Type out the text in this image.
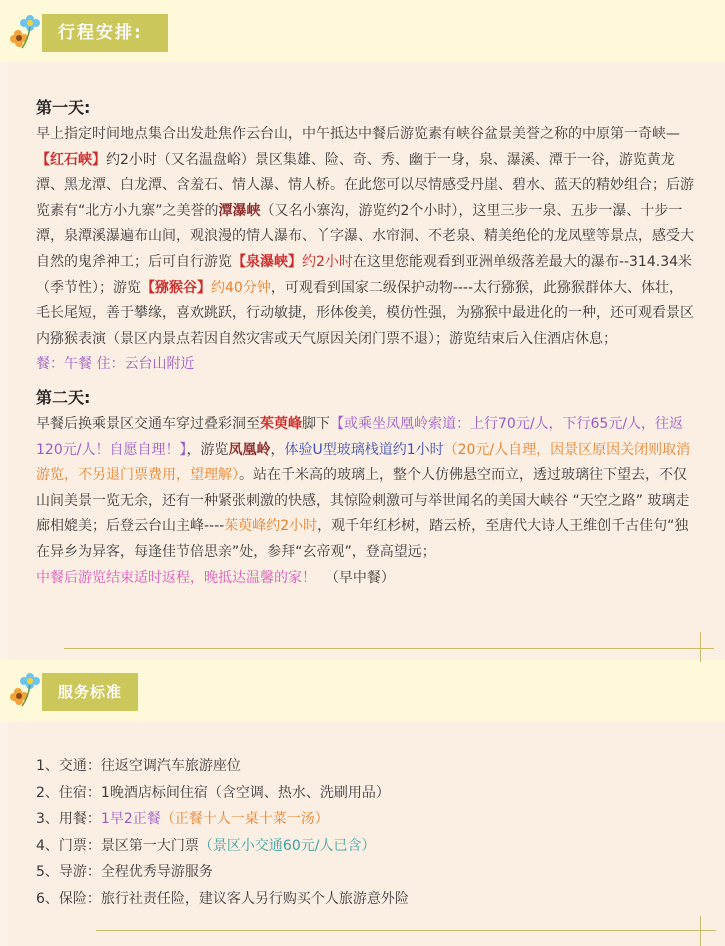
行程安排:
服务标准

第一天:

早上指定时间地点集合出发赴焦作云台山，中午抵达中餐后游览素有峡谷盆景美誉之称的中原第一奇峡—【红石峡】约2小时（又名温盘峪）景区集雄、险、奇、秀、幽于一身，泉、瀑溪、潭于一谷，游览黄龙潭、黑龙潭、白龙潭、含羞石、情人瀑、情人桥。在此您可以尽情感受丹崖、碧水、蓝天的精妙组合；后游览素有“北方小九寨”之美誉的潭瀑峡（又名小寨沟，游览约2个小时），这里三步一泉、五步一瀑、十步一潭，泉潭溪瀑遍布山间，观浪漫的情人瀑布、丫字瀑、水帘洞、不老泉、精美绝伦的龙凤壁等景点，感受大自然的鬼斧神工；后可自行游览【泉瀑峡】约2小时在这里您能观看到亚洲单级落差最大的瀑布--314.34米（季节性）；游览【猕猴谷】约40分钟，可观看到国家二级保护动物----太行猕猴，此猕猴群体大、体壮，毛长尾短，善于攀缘，喜欢跳跃，行动敏捷，形体俊美，模仿性强，为猕猴中最进化的一种，还可观看景区内猕猴表演（景区内景点若因自然灾害或天气原因关闭门票不退）；游览结束后入住酒店休息；

餐：午餐 住：云台山附近

第二天:

早餐后换乘景区交通车穿过叠彩洞至茱萸峰脚下【或乘坐凤凰岭索道：上行70元/人，下行65元/人，往返120元/人！自愿自理！】，游览凤凰岭，体验U型玻璃栈道约1小时（20元/人自理，因景区原因关闭则取消游览，不另退门票费用，望理解）。站在千米高的玻璃上，整个人仿佛悬空而立，透过玻璃往下望去，不仅山间美景一览无余，还有一种紧张刺激的快感，其惊险刺激可与举世闻名的美国大峡谷 “天空之路” 玻璃走廊相媲美；后登云台山主峰----茱萸峰约2小时，观千年红杉树，踏云桥，至唐代大诗人王维创千古佳句“独在异乡为异客，每逢佳节倍思亲”处，参拜“玄帝观”，登高望远；

中餐后游览结束适时返程，晚抵达温馨的家！ （早中餐）

1、交通：往返空调汽车旅游座位
2、住宿：1晚酒店标间住宿（含空调、热水、洗刷用品）
3、用餐：1早2正餐（正餐十人一桌十菜一汤）
4、门票：景区第一大门票（景区小交通60元/人已含）
5、导游：全程优秀导游服务
6、保险：旅行社责任险，建议客人另行购买个人旅游意外险
